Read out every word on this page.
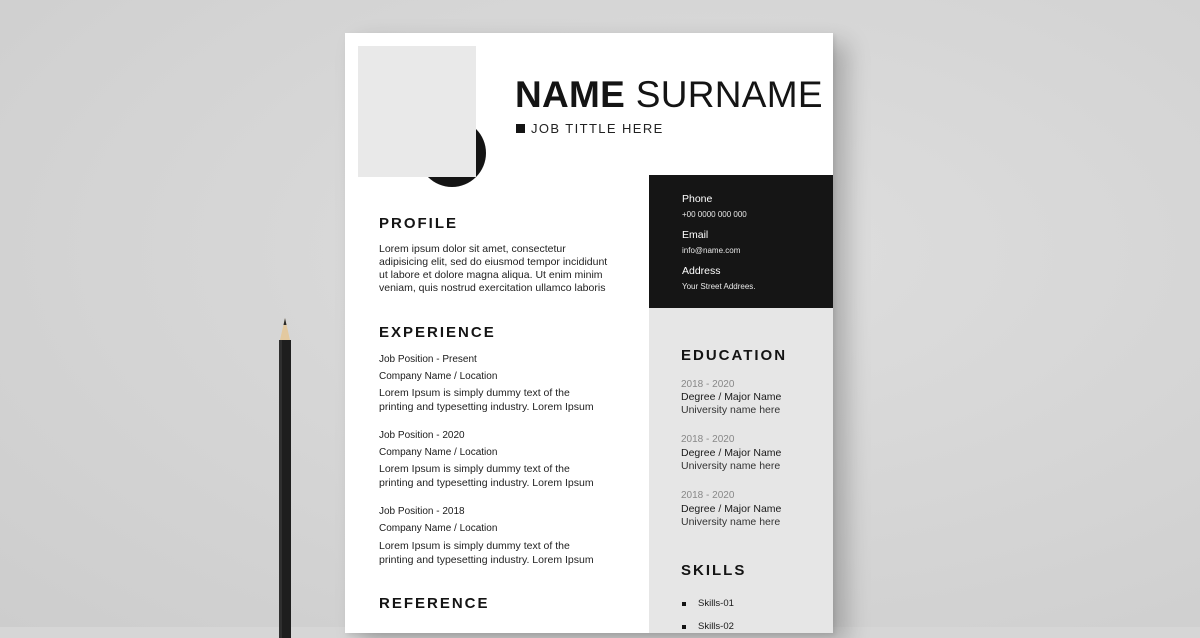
NAME SURNAME
JOB TITTLE HERE
Phone
+00 0000 000 000
Email
info@name.com
Address
Your Street Addrees.
PROFILE
Lorem ipsum dolor sit amet, consectetur
adipisicing elit, sed do eiusmod tempor incididunt
ut labore et dolore magna aliqua. Ut enim minim
veniam, quis nostrud exercitation ullamco laboris
EXPERIENCE
Job Position - Present
Company Name / Location
Lorem Ipsum is simply dummy text of the
printing and typesetting industry. Lorem Ipsum
Job Position - 2020
Company Name / Location
Lorem Ipsum is simply dummy text of the
printing and typesetting industry. Lorem Ipsum
Job Position - 2018
Company Name / Location
Lorem Ipsum is simply dummy text of the
printing and typesetting industry. Lorem Ipsum
REFERENCE
EDUCATION
2018 - 2020
Degree / Major Name
University name here
2018 - 2020
Degree / Major Name
University name here
2018 - 2020
Degree / Major Name
University name here
SKILLS
Skills-01
Skills-02
